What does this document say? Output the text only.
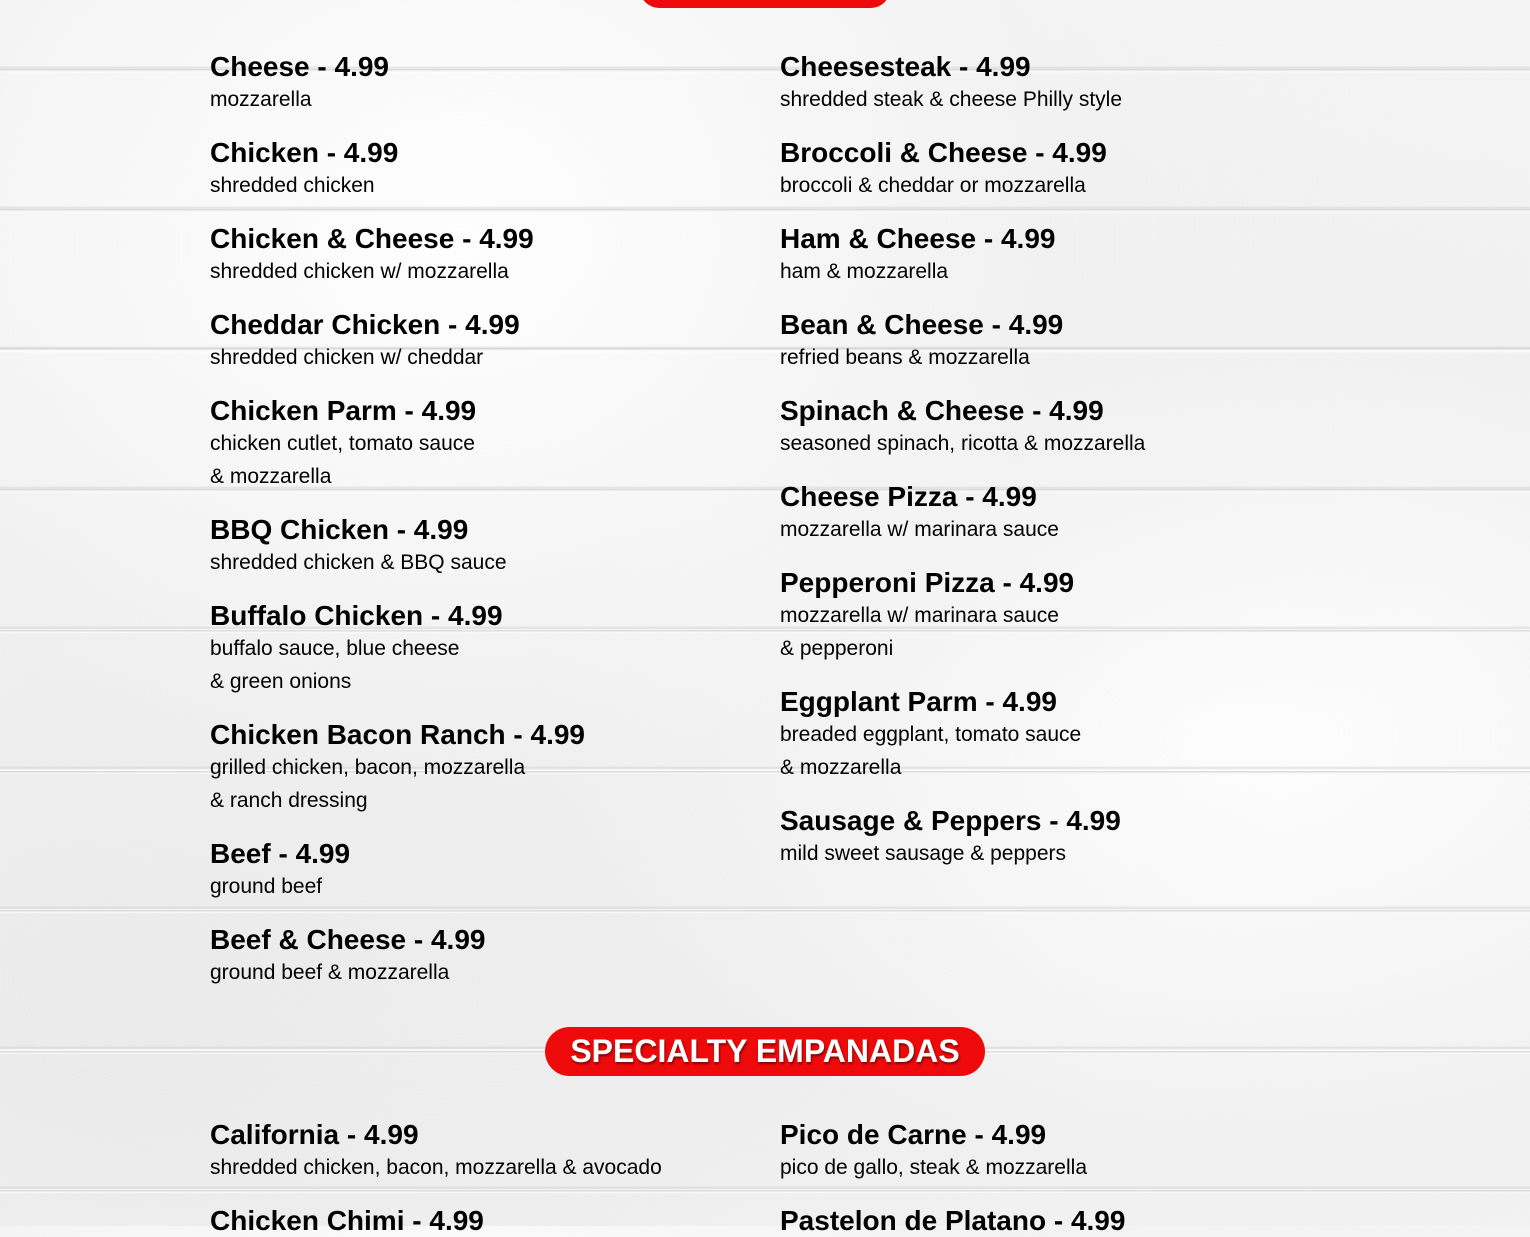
Cheese - 4.99
mozzarella
Chicken - 4.99
shredded chicken
Chicken & Cheese - 4.99
shredded chicken w/ mozzarella
Cheddar Chicken - 4.99
shredded chicken w/ cheddar
Chicken Parm - 4.99
chicken cutlet, tomato sauce
& mozzarella
BBQ Chicken - 4.99
shredded chicken & BBQ sauce
Buffalo Chicken - 4.99
buffalo sauce, blue cheese
& green onions
Chicken Bacon Ranch - 4.99
grilled chicken, bacon, mozzarella
& ranch dressing
Beef - 4.99
ground beef
Beef & Cheese - 4.99
ground beef & mozzarella
Cheesesteak - 4.99
shredded steak & cheese Philly style
Broccoli & Cheese - 4.99
broccoli & cheddar or mozzarella
Ham & Cheese - 4.99
ham & mozzarella
Bean & Cheese - 4.99
refried beans & mozzarella
Spinach & Cheese - 4.99
seasoned spinach, ricotta & mozzarella
Cheese Pizza - 4.99
mozzarella w/ marinara sauce
Pepperoni Pizza - 4.99
mozzarella w/ marinara sauce
& pepperoni
Eggplant Parm - 4.99
breaded eggplant, tomato sauce
& mozzarella
Sausage & Peppers - 4.99
mild sweet sausage & peppers
SPECIALTY EMPANADAS
California - 4.99
shredded chicken, bacon, mozzarella & avocado
Chicken Chimi - 4.99
Pico de Carne - 4.99
pico de gallo, steak & mozzarella
Pastelon de Platano - 4.99
